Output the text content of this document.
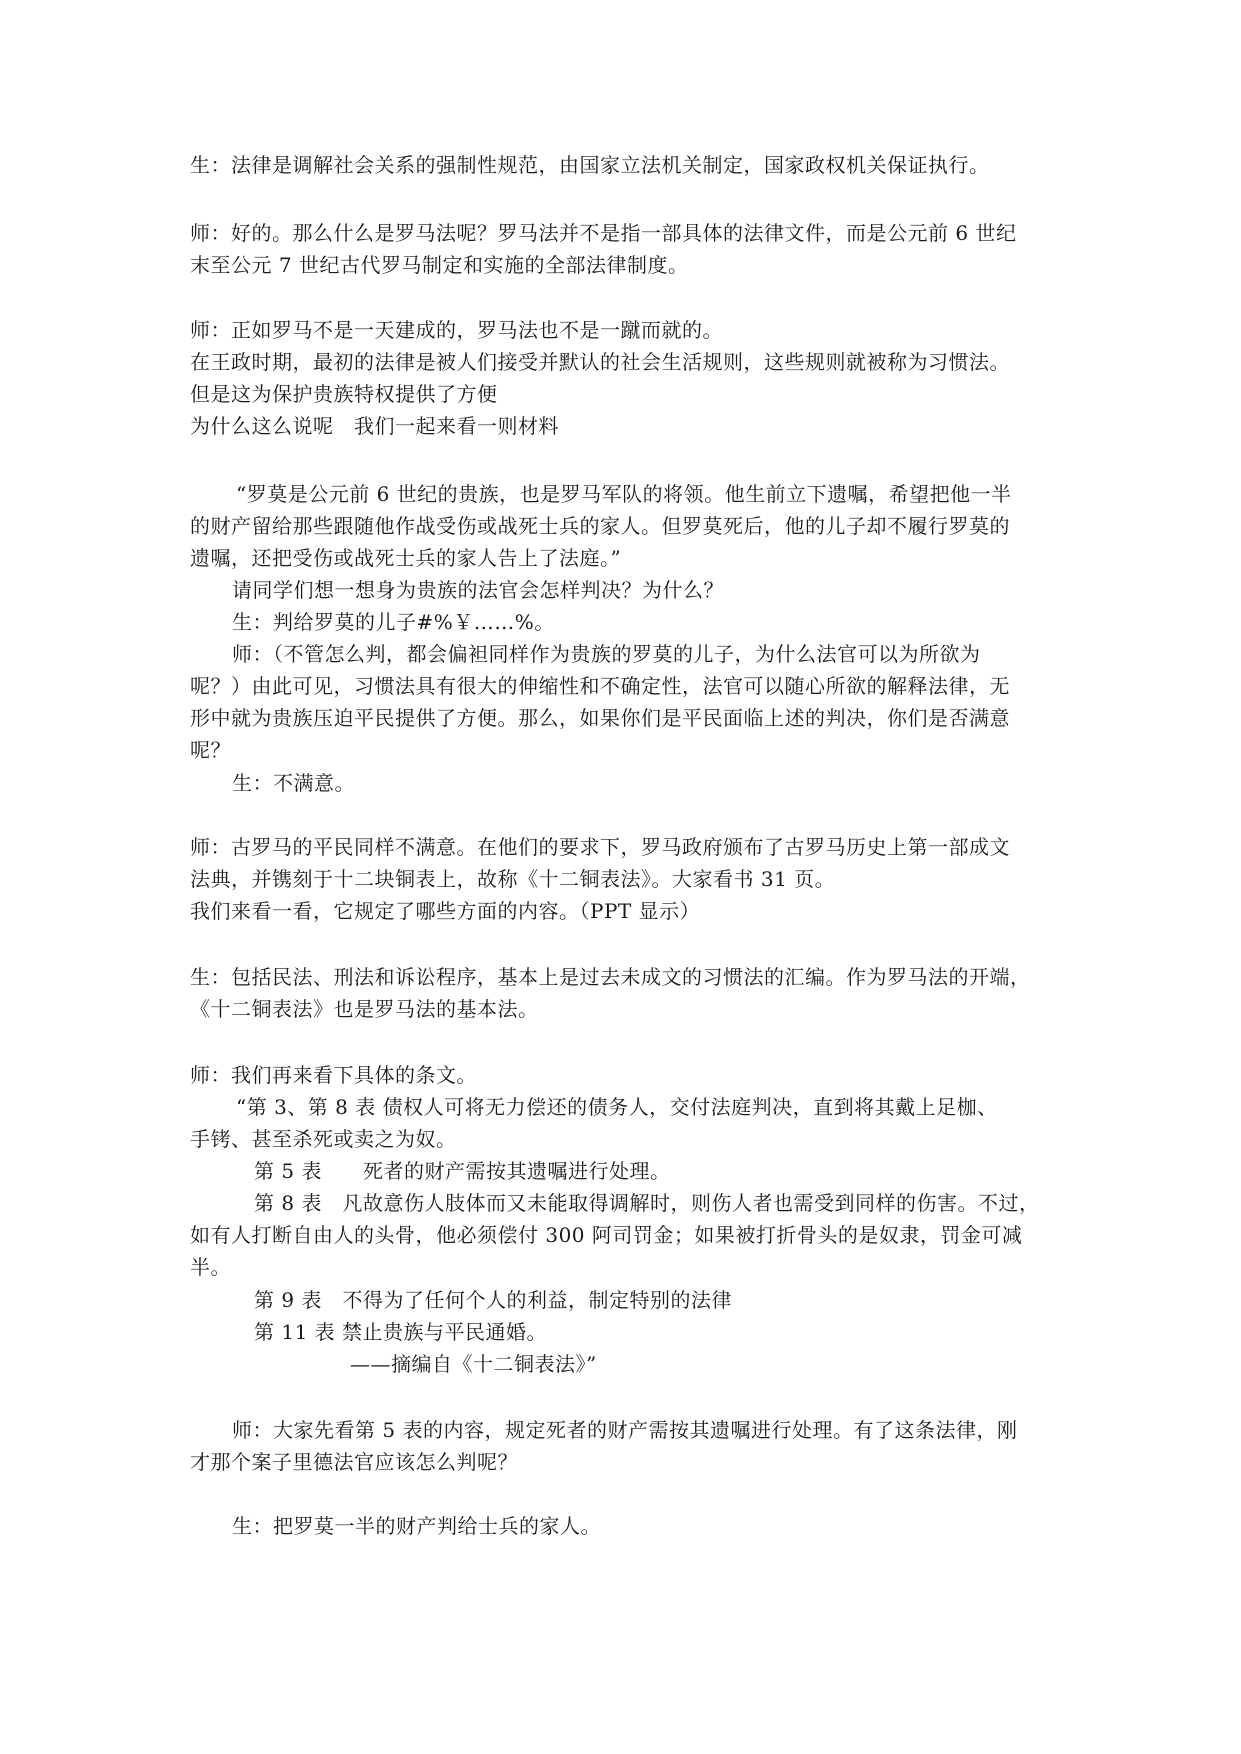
生：法律是调解社会关系的强制性规范，由国家立法机关制定，国家政权机关保证执行。
师：好的。那么什么是罗马法呢？罗马法并不是指一部具体的法律文件，而是公元前 6 世纪
末至公元 7 世纪古代罗马制定和实施的全部法律制度。
师：正如罗马不是一天建成的，罗马法也不是一蹴而就的。
在王政时期，最初的法律是被人们接受并默认的社会生活规则，这些规则就被称为习惯法。
但是这为保护贵族特权提供了方便
为什么这么说呢　我们一起来看一则材料
“罗莫是公元前 6 世纪的贵族，也是罗马军队的将领。他生前立下遗嘱，希望把他一半
的财产留给那些跟随他作战受伤或战死士兵的家人。但罗莫死后，他的儿子却不履行罗莫的
遗嘱，还把受伤或战死士兵的家人告上了法庭。”
请同学们想一想身为贵族的法官会怎样判决？为什么？
生：判给罗莫的儿子#%￥……%。
师：（不管怎么判，都会偏袒同样作为贵族的罗莫的儿子，为什么法官可以为所欲为
呢？）由此可见，习惯法具有很大的伸缩性和不确定性，法官可以随心所欲的解释法律，无
形中就为贵族压迫平民提供了方便。那么，如果你们是平民面临上述的判决，你们是否满意
呢？
生：不满意。
师：古罗马的平民同样不满意。在他们的要求下，罗马政府颁布了古罗马历史上第一部成文
法典，并镌刻于十二块铜表上，故称《十二铜表法》。大家看书 31 页。
我们来看一看，它规定了哪些方面的内容。（PPT 显示）
生：包括民法、刑法和诉讼程序，基本上是过去未成文的习惯法的汇编。作为罗马法的开端，
《十二铜表法》也是罗马法的基本法。
师：我们再来看下具体的条文。
“第 3、第 8 表 债权人可将无力偿还的债务人，交付法庭判决，直到将其戴上足枷、
手铐、甚至杀死或卖之为奴。
第 5 表　　死者的财产需按其遗嘱进行处理。
第 8 表　凡故意伤人肢体而又未能取得调解时，则伤人者也需受到同样的伤害。不过，
如有人打断自由人的头骨，他必须偿付 300 阿司罚金；如果被打折骨头的是奴隶，罚金可减
半。
第 9 表　不得为了任何个人的利益，制定特别的法律
第 11 表 禁止贵族与平民通婚。
——摘编自《十二铜表法》”
师：大家先看第 5 表的内容，规定死者的财产需按其遗嘱进行处理。有了这条法律，刚
才那个案子里德法官应该怎么判呢？
生：把罗莫一半的财产判给士兵的家人。
